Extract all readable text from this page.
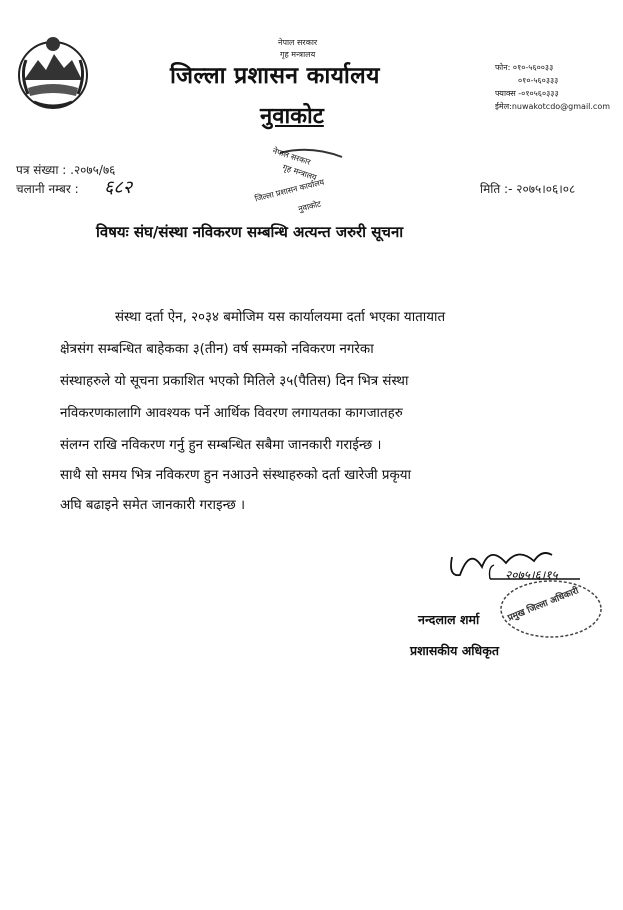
नेपाल सरकार
गृह मन्त्रालय
जिल्ला प्रशासन कार्यालय
नुवाकोट
फोन: ०१०-५६००३३
०१०-५६०३३३
फ्याक्स -०१०५६०३३३
ईमेल:nuwakotcdo@gmail.com
नेपाल सरकार
गृह मन्त्रालय
जिल्ला प्रशासन कार्यालय
नुवाकोट
पत्र संख्या : .२०७५/७६
चलानी नम्बर : ६८२	मिति :- २०७५।०६।०८
विषयः संघ/संस्था नविकरण सम्बन्धि अत्यन्त जरुरी सूचना
संस्था दर्ता ऐन, २०३४ बमोजिम यस कार्यालयमा दर्ता भएका यातायात
क्षेत्रसंग सम्बन्धित बाहेकका ३(तीन) वर्ष सम्मको नविकरण नगरेका
संस्थाहरुले यो सूचना प्रकाशित भएको मितिले ३५(पैतिस) दिन भित्र संस्था
नविकरणकालागि आवश्यक पर्ने आर्थिक विवरण लगायतका कागजातहरु
संलग्न राखि नविकरण गर्नु हुन सम्बन्धित सबैमा जानकारी गराईन्छ ।
साथै सो समय भित्र नविकरण हुन नआउने संस्थाहरुको दर्ता खारेजी प्रकृया
अघि बढाइने समेत जानकारी गराइन्छ ।
२०७५।६।१५
प्रमुख जिल्ला अधिकारी
नन्दलाल शर्मा
प्रशासकीय अधिकृत
